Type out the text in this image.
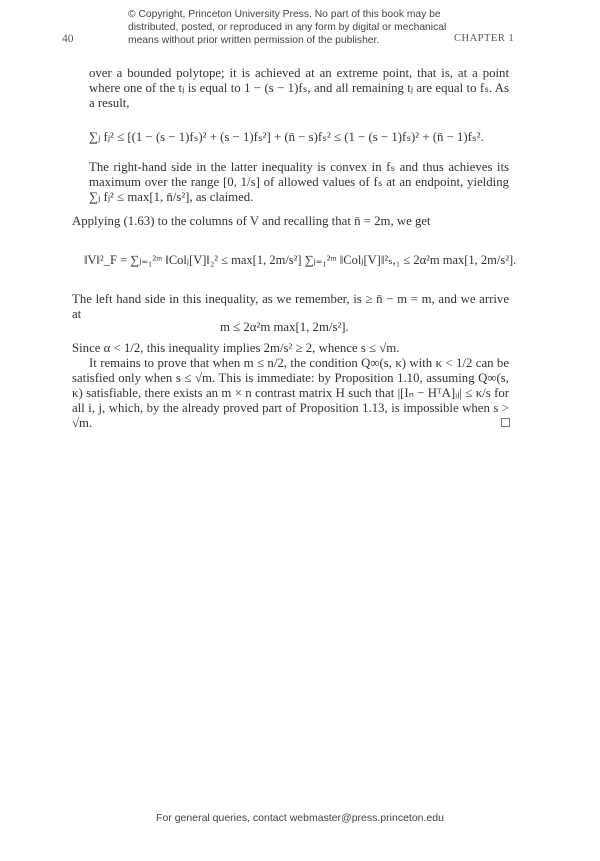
© Copyright, Princeton University Press. No part of this book may be distributed, posted, or reproduced in any form by digital or mechanical means without prior written permission of the publisher.
40	CHAPTER 1
over a bounded polytope; it is achieved at an extreme point, that is, at a point where one of the tⱼ is equal to 1 − (s − 1)fₛ, and all remaining tⱼ are equal to fₛ. As a result,
∑ⱼ fⱼ² ≤ [(1 − (s − 1)fₛ)² + (s − 1)fₛ²] + (n̄ − s)fₛ² ≤ (1 − (s − 1)fₛ)² + (n̄ − 1)fₛ².
The right-hand side in the latter inequality is convex in fₛ and thus achieves its maximum over the range [0, 1/s] of allowed values of fₛ at an endpoint, yielding ∑ⱼ fⱼ² ≤ max[1, n̄/s²], as claimed.
Applying (1.63) to the columns of V and recalling that n̄ = 2m, we get
‖V‖²_F = ∑ⱼ₌₁²ᵐ ‖Colⱼ[V]‖₂² ≤ max[1, 2m/s²] ∑ⱼ₌₁²ᵐ ‖Colⱼ[V]‖²ₛ,₁ ≤ 2α²m max[1, 2m/s²].
The left hand side in this inequality, as we remember, is ≥ n̄ − m = m, and we arrive at
m ≤ 2α²m max[1, 2m/s²].
Since α < 1/2, this inequality implies 2m/s² ≥ 2, whence s ≤ √m.
It remains to prove that when m ≤ n/2, the condition Q∞(s, κ) with κ < 1/2 can be satisfied only when s ≤ √m. This is immediate: by Proposition 1.10, assuming Q∞(s, κ) satisfiable, there exists an m × n contrast matrix H such that |[Iₙ − HᵀA]ᵢⱼ| ≤ κ/s for all i, j, which, by the already proved part of Proposition 1.13, is impossible when s > √m.
For general queries, contact webmaster@press.princeton.edu
